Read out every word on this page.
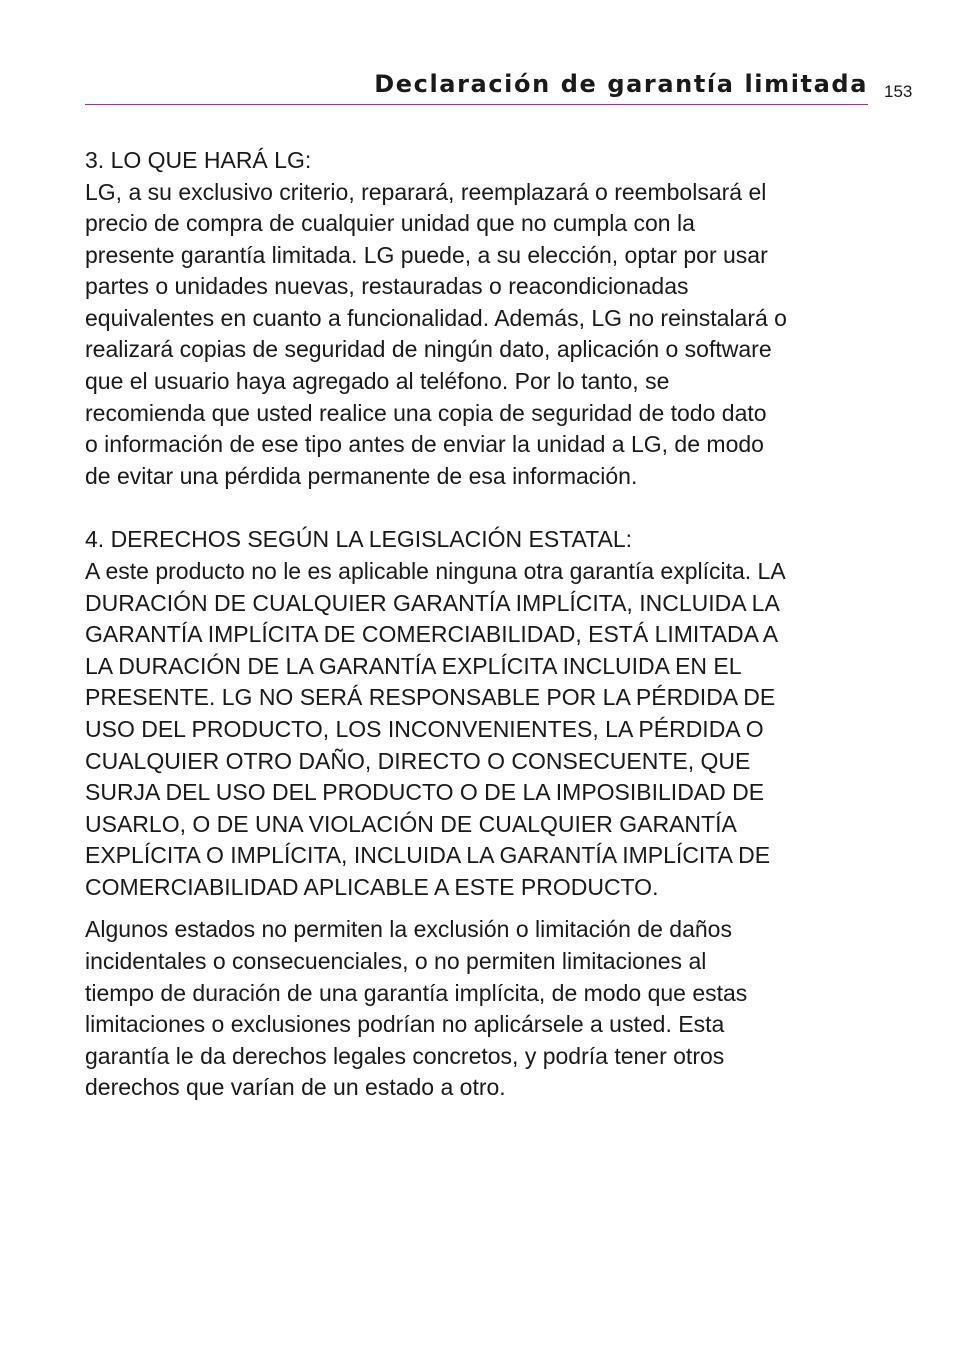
Declaración de garantía limitada 153
3. LO QUE HARÁ LG:

LG, a su exclusivo criterio, reparará, reemplazará o reembolsará el
precio de compra de cualquier unidad que no cumpla con la
presente garantía limitada. LG puede, a su elección, optar por usar
partes o unidades nuevas, restauradas o reacondicionadas
equivalentes en cuanto a funcionalidad. Además, LG no reinstalará o
realizará copias de seguridad de ningún dato, aplicación o software
que el usuario haya agregado al teléfono. Por lo tanto, se
recomienda que usted realice una copia de seguridad de todo dato
o información de ese tipo antes de enviar la unidad a LG, de modo
de evitar una pérdida permanente de esa información.

4. DERECHOS SEGÚN LA LEGISLACIÓN ESTATAL:

A este producto no le es aplicable ninguna otra garantía explícita. LA
DURACIÓN DE CUALQUIER GARANTÍA IMPLÍCITA, INCLUIDA LA
GARANTÍA IMPLÍCITA DE COMERCIABILIDAD, ESTÁ LIMITADA A
LA DURACIÓN DE LA GARANTÍA EXPLÍCITA INCLUIDA EN EL
PRESENTE. LG NO SERÁ RESPONSABLE POR LA PÉRDIDA DE
USO DEL PRODUCTO, LOS INCONVENIENTES, LA PÉRDIDA O
CUALQUIER OTRO DAÑO, DIRECTO O CONSECUENTE, QUE
SURJA DEL USO DEL PRODUCTO O DE LA IMPOSIBILIDAD DE
USARLO, O DE UNA VIOLACIÓN DE CUALQUIER GARANTÍA
EXPLÍCITA O IMPLÍCITA, INCLUIDA LA GARANTÍA IMPLÍCITA DE
COMERCIABILIDAD APLICABLE A ESTE PRODUCTO.

Algunos estados no permiten la exclusión o limitación de daños
incidentales o consecuenciales, o no permiten limitaciones al
tiempo de duración de una garantía implícita, de modo que estas
limitaciones o exclusiones podrían no aplicársele a usted. Esta
garantía le da derechos legales concretos, y podría tener otros
derechos que varían de un estado a otro.
